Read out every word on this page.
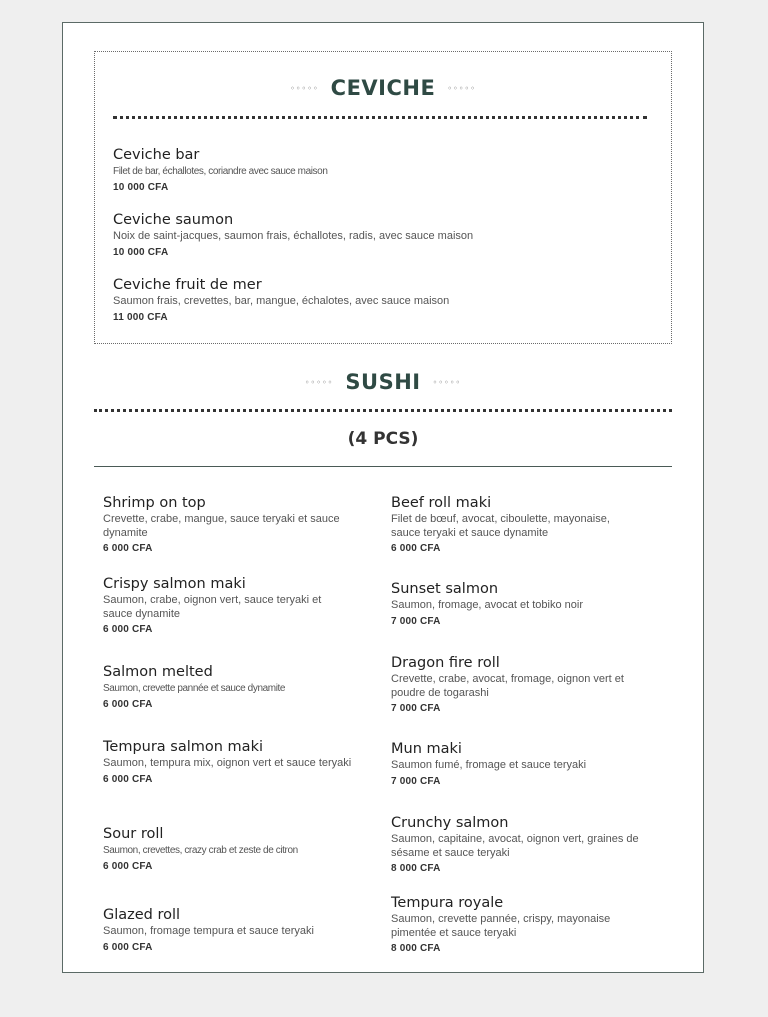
◦◦◦◦◦ CEVICHE ◦◦◦◦◦
Ceviche bar
Filet de bar, échallotes, coriandre avec sauce maison
10 000 CFA
Ceviche saumon
Noix de saint-jacques, saumon frais, échallotes, radis, avec sauce maison
10 000 CFA
Ceviche fruit de mer
Saumon frais, crevettes, bar, mangue, échalotes, avec sauce maison
11 000 CFA
◦◦◦◦◦ SUSHI ◦◦◦◦◦
(4 PCS)
Shrimp on top
Crevette, crabe, mangue, sauce teryaki et sauce dynamite
6 000 CFA
Crispy salmon maki
Saumon, crabe, oignon vert, sauce teryaki et sauce dynamite
6 000 CFA
Salmon melted
Saumon, crevette pannée et sauce dynamite
6 000 CFA
Tempura salmon maki
Saumon, tempura mix, oignon vert et sauce teryaki
6 000 CFA
Sour roll
Saumon, crevettes, crazy crab et zeste de citron
6 000 CFA
Glazed roll
Saumon, fromage tempura et sauce teryaki
6 000 CFA
Beef roll maki
Filet de bœuf, avocat, ciboulette, mayonaise, sauce teryaki et sauce dynamite
6 000 CFA
Sunset salmon
Saumon, fromage, avocat et tobiko noir
7 000 CFA
Dragon fire roll
Crevette, crabe, avocat, fromage, oignon vert et poudre de togarashi
7 000 CFA
Mun maki
Saumon fumé, fromage et sauce teryaki
7 000 CFA
Crunchy salmon
Saumon, capitaine, avocat, oignon vert, graines de sésame et sauce teryaki
8 000 CFA
Tempura royale
Saumon, crevette pannée, crispy, mayonaise pimentée et sauce teryaki
8 000 CFA
